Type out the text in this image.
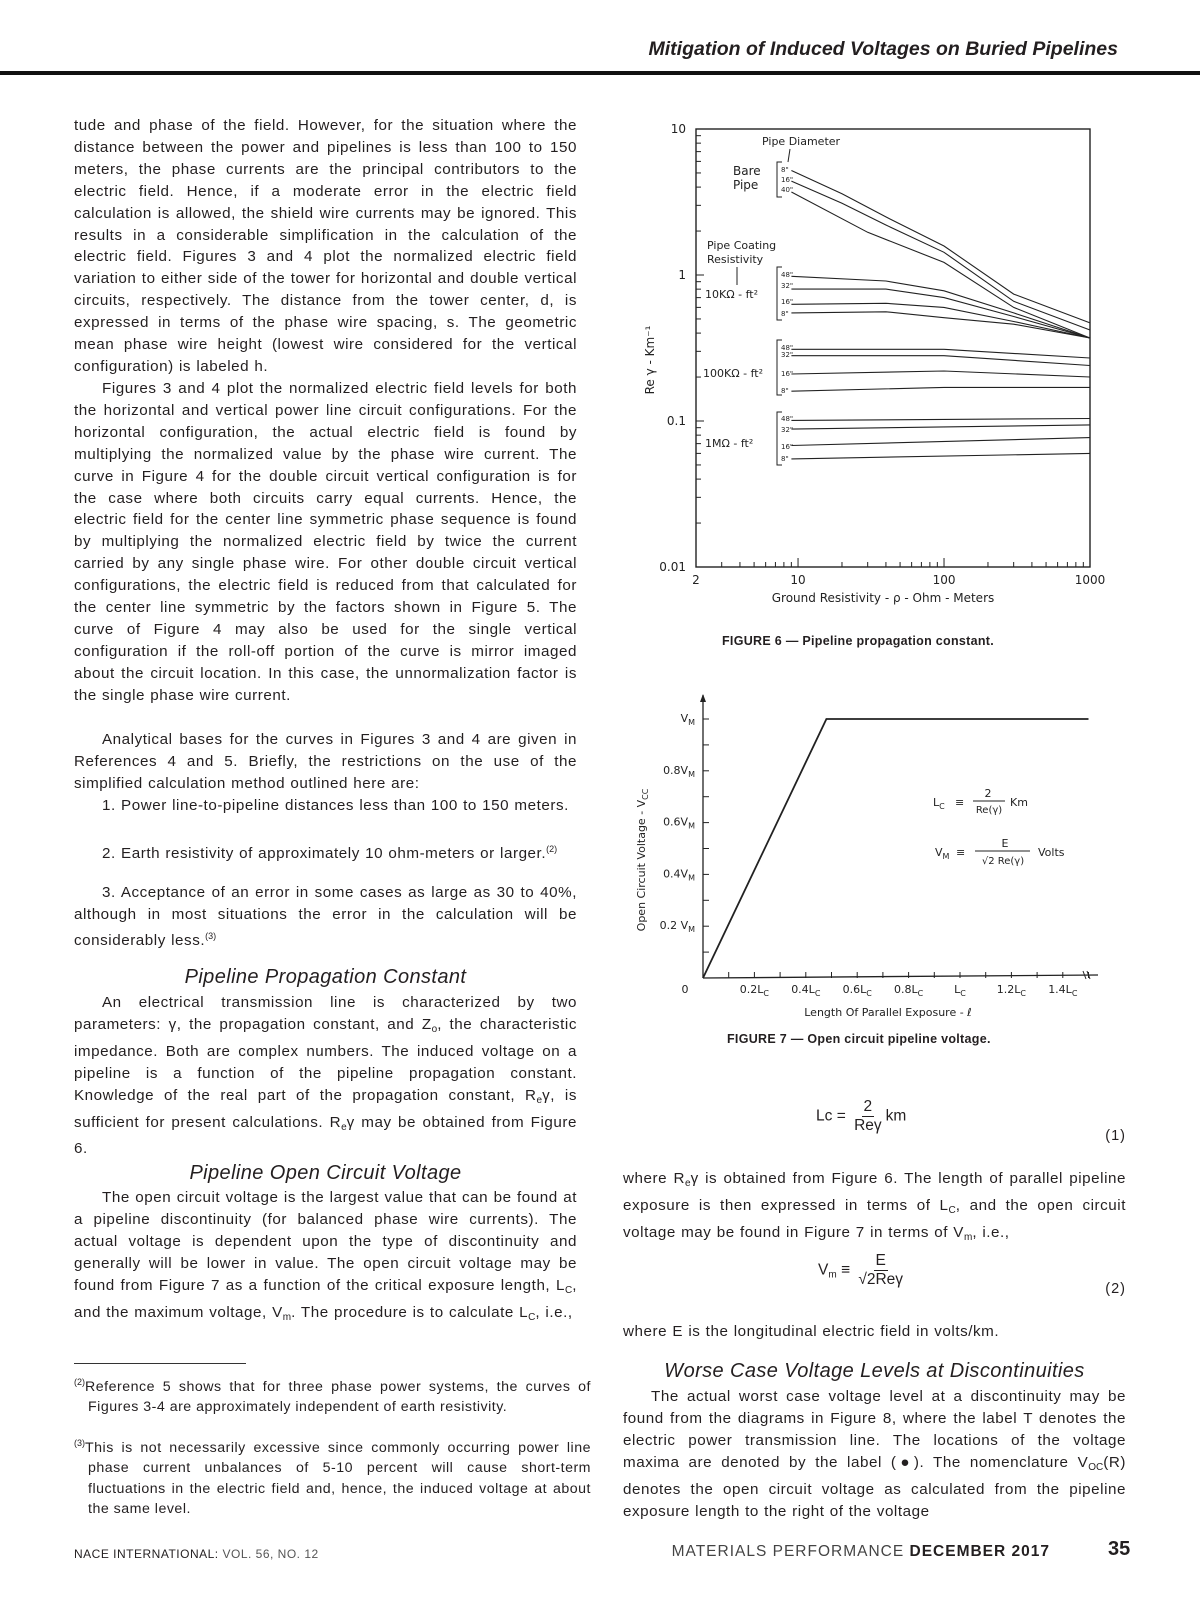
Mitigation of Induced Voltages on Buried Pipelines

tude and phase of the field. However, for the situation where the distance between the power and pipelines is less than 100 to 150 meters, the phase currents are the principal contributors to the electric field. Hence, if a moderate error in the electric field calculation is allowed, the shield wire currents may be ignored. This results in a considerable simplification in the calculation of the electric field. Figures 3 and 4 plot the normalized electric field variation to either side of the tower for horizontal and double vertical circuits, respectively. The distance from the tower center, d, is expressed in terms of the phase wire spacing, s. The geometric mean phase wire height (lowest wire considered for the vertical configuration) is labeled h.

Figures 3 and 4 plot the normalized electric field levels for both the horizontal and vertical power line circuit configurations. For the horizontal configuration, the actual electric field is found by multiplying the normalized value by the phase wire current. The curve in Figure 4 for the double circuit vertical configuration is for the case where both circuits carry equal currents. Hence, the electric field for the center line symmetric phase sequence is found by multiplying the normalized electric field by twice the current carried by any single phase wire. For other double circuit vertical configurations, the electric field is reduced from that calculated for the center line symmetric by the factors shown in Figure 5. The curve of Figure 4 may also be used for the single vertical configuration if the roll-off portion of the curve is mirror imaged about the circuit location. In this case, the unnormalization factor is the single phase wire current.

Analytical bases for the curves in Figures 3 and 4 are given in References 4 and 5. Briefly, the restrictions on the use of the simplified calculation method outlined here are:

1. Power line-to-pipeline distances less than 100 to 150 meters.

2. Earth resistivity of approximately 10 ohm-meters or larger.$^{(2)}$

3. Acceptance of an error in some cases as large as 30 to 40%, although in most situations the error in the calculation will be considerably less.$^{(3)}$

Pipeline Propagation Constant

An electrical transmission line is characterized by two parameters: γ, the propagation constant, and $Z_o$, the characteristic impedance. Both are complex numbers. The induced voltage on a pipeline is a function of the pipeline propagation constant. Knowledge of the real part of the propagation constant, $R_e\gamma$, is sufficient for present calculations. $R_e\gamma$ may be obtained from Figure 6.

Pipeline Open Circuit Voltage

The open circuit voltage is the largest value that can be found at a pipeline discontinuity (for balanced phase wire currents). The actual voltage is dependent upon the type of discontinuity and generally will be lower in value. The open circuit voltage may be found from Figure 7 as a function of the critical exposure length, $L_C$, and the maximum voltage, $V_m$. The procedure is to calculate $L_C$, i.e.,

$^{(2)}$Reference 5 shows that for three phase power systems, the curves of Figures 3-4 are approximately independent of earth resistivity.

$^{(3)}$This is not necessarily excessive since commonly occurring power line phase current unbalances of 5-10 percent will cause short-term fluctuations in the electric field and, hence, the induced voltage at about the same level.

10
1
0.1
0.01
2	10	100	1000
Ground Resistivity - ρ - Ohm - Meters
Re γ - Km⁻¹
Pipe Diameter
Bare
Pipe
Pipe Coating
Resistivity
10KΩ - ft²
100KΩ - ft²
1MΩ - ft²
8"
16"
40"
48"
32"
16"
8"
48"
32"
16"
8"
48"
32"
16"
8"
FIGURE 6 — Pipeline propagation constant.
0.2 $V_M$
$0.4V_M$
$0.6V_M$
$0.8V_M$
$V_M$
$0.2L_C$ $0.4L_C$ $0.6L_C$ $0.8L_C$	$L_C$	$1.2L_C$ $1.4L_C$
0
Length Of Parallel Exposure - ℓ
Open Circuit Voltage - $V_{CC}$
$L_C$ ≡
2
Re(γ)
Km
$V_M$ ≡
E
√2 Re(γ)
Volts
FIGURE 7 — Open circuit pipeline voltage.
$Lc = \frac{2}{\text{Reγ}}$ km
(1)

where $R_e\gamma$ is obtained from Figure 6. The length of parallel pipeline exposure is then expressed in terms of $L_C$, and the open circuit voltage may be found in Figure 7 in terms of $V_m$, i.e.,

$V_m \equiv \frac{E}{\text{√2Reγ}}$	(2)

where E is the longitudinal electric field in volts/km.

Worse Case Voltage Levels at Discontinuities

The actual worst case voltage level at a discontinuity may be found from the diagrams in Figure 8, where the label T denotes the electric power transmission line. The locations of the voltage maxima are denoted by the label (●). The nomenclature $V_{OC}(R)$ denotes the open circuit voltage as calculated from the pipeline exposure length to the right of the voltage

NACE INTERNATIONAL: VOL. 56, NO. 12	MATERIALS PERFORMANCE DECEMBER 2017	35
